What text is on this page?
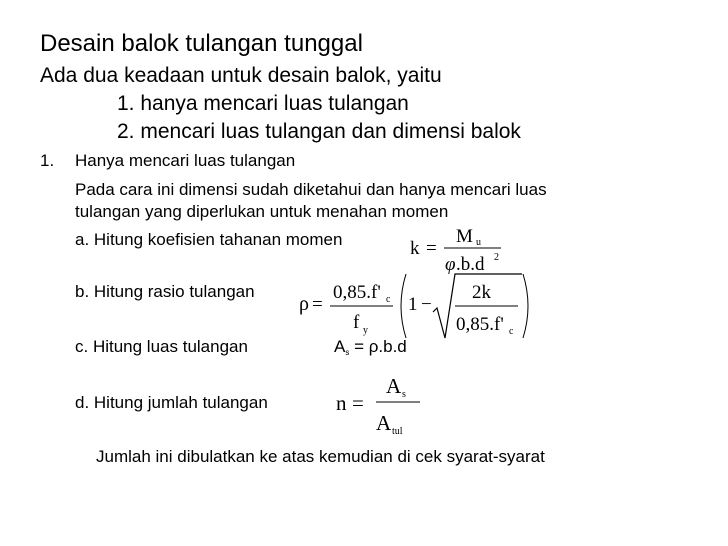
Desain balok tulangan tunggal
Ada dua keadaan untuk desain balok, yaitu
1. hanya mencari luas tulangan
2. mencari luas tulangan dan dimensi balok
1. Hanya mencari luas tulangan
Pada cara ini dimensi sudah diketahui dan hanya mencari luas
tulangan yang diperlukan untuk menahan momen
a. Hitung koefisien tahanan momen	k =
M u
φ .b.d 2
b. Hitung rasio tulangan
ρ =
0,85.f' c
f y
1 −
2k
0,85.f' c
c. Hitung luas tulangan	$A_s = \rho.b.d$
d. Hitung jumlah tulangan	n =
A s
A tul
Jumlah ini dibulatkan ke atas kemudian di cek syarat-syarat
